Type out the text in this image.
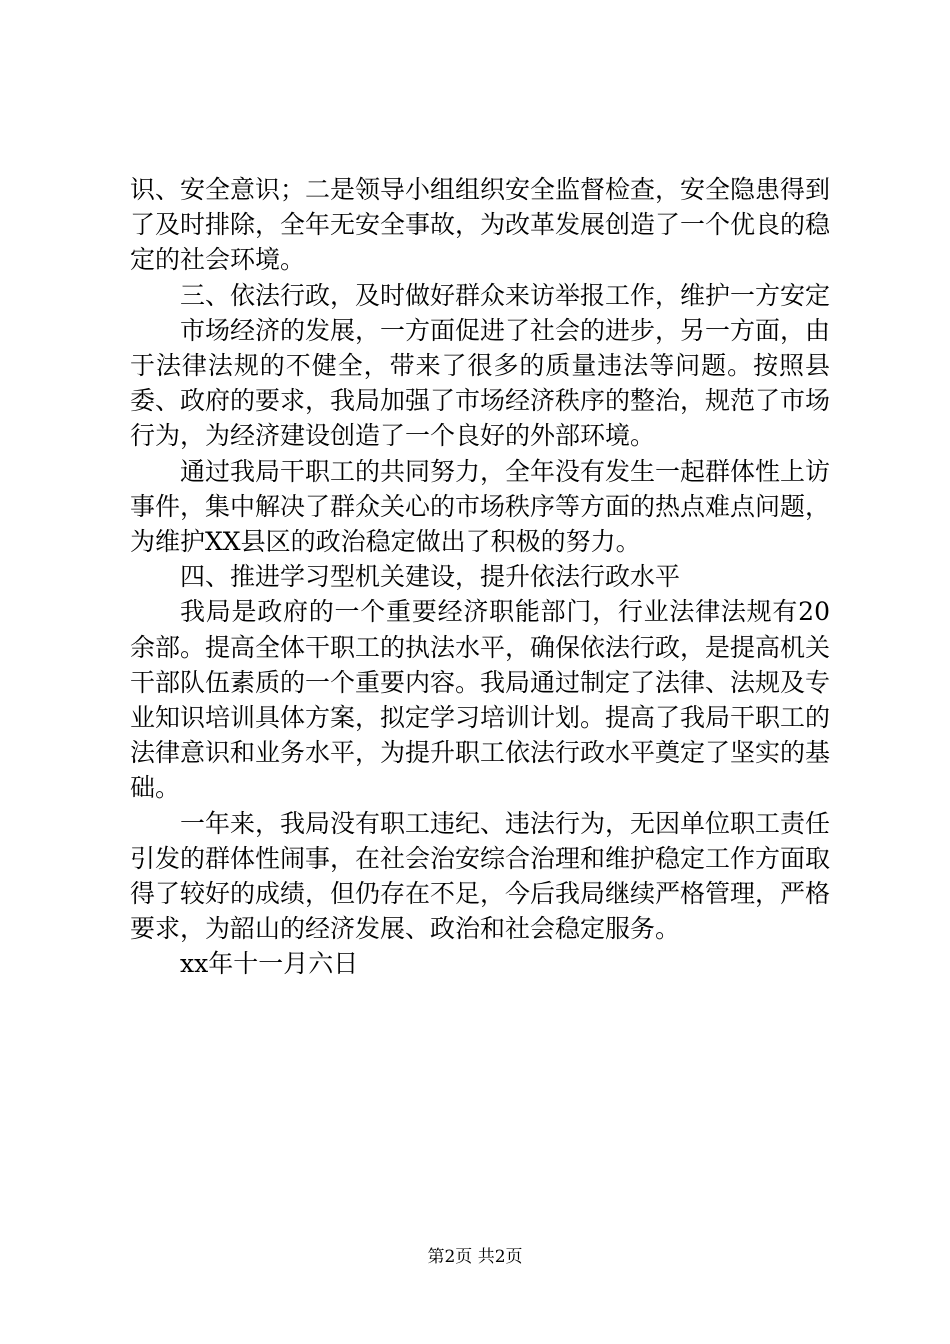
识、安全意识；二是领导小组组织安全监督检查，安全隐患得到了及时排除，全年无安全事故，为改革发展创造了一个优良的稳定的社会环境。

三、依法行政，及时做好群众来访举报工作，维护一方安定

市场经济的发展，一方面促进了社会的进步，另一方面，由于法律法规的不健全，带来了很多的质量违法等问题。按照县委、政府的要求，我局加强了市场经济秩序的整治，规范了市场行为，为经济建设创造了一个良好的外部环境。

通过我局干职工的共同努力，全年没有发生一起群体性上访事件，集中解决了群众关心的市场秩序等方面的热点难点问题，为维护XX县区的政治稳定做出了积极的努力。

四、推进学习型机关建设，提升依法行政水平

我局是政府的一个重要经济职能部门，行业法律法规有20余部。提高全体干职工的执法水平，确保依法行政，是提高机关干部队伍素质的一个重要内容。我局通过制定了法律、法规及专业知识培训具体方案，拟定学习培训计划。提高了我局干职工的法律意识和业务水平，为提升职工依法行政水平奠定了坚实的基础。

一年来，我局没有职工违纪、违法行为，无因单位职工责任引发的群体性闹事，在社会治安综合治理和维护稳定工作方面取得了较好的成绩，但仍存在不足，今后我局继续严格管理，严格要求，为韶山的经济发展、政治和社会稳定服务。

xx年十一月六日

第2页 共2页
